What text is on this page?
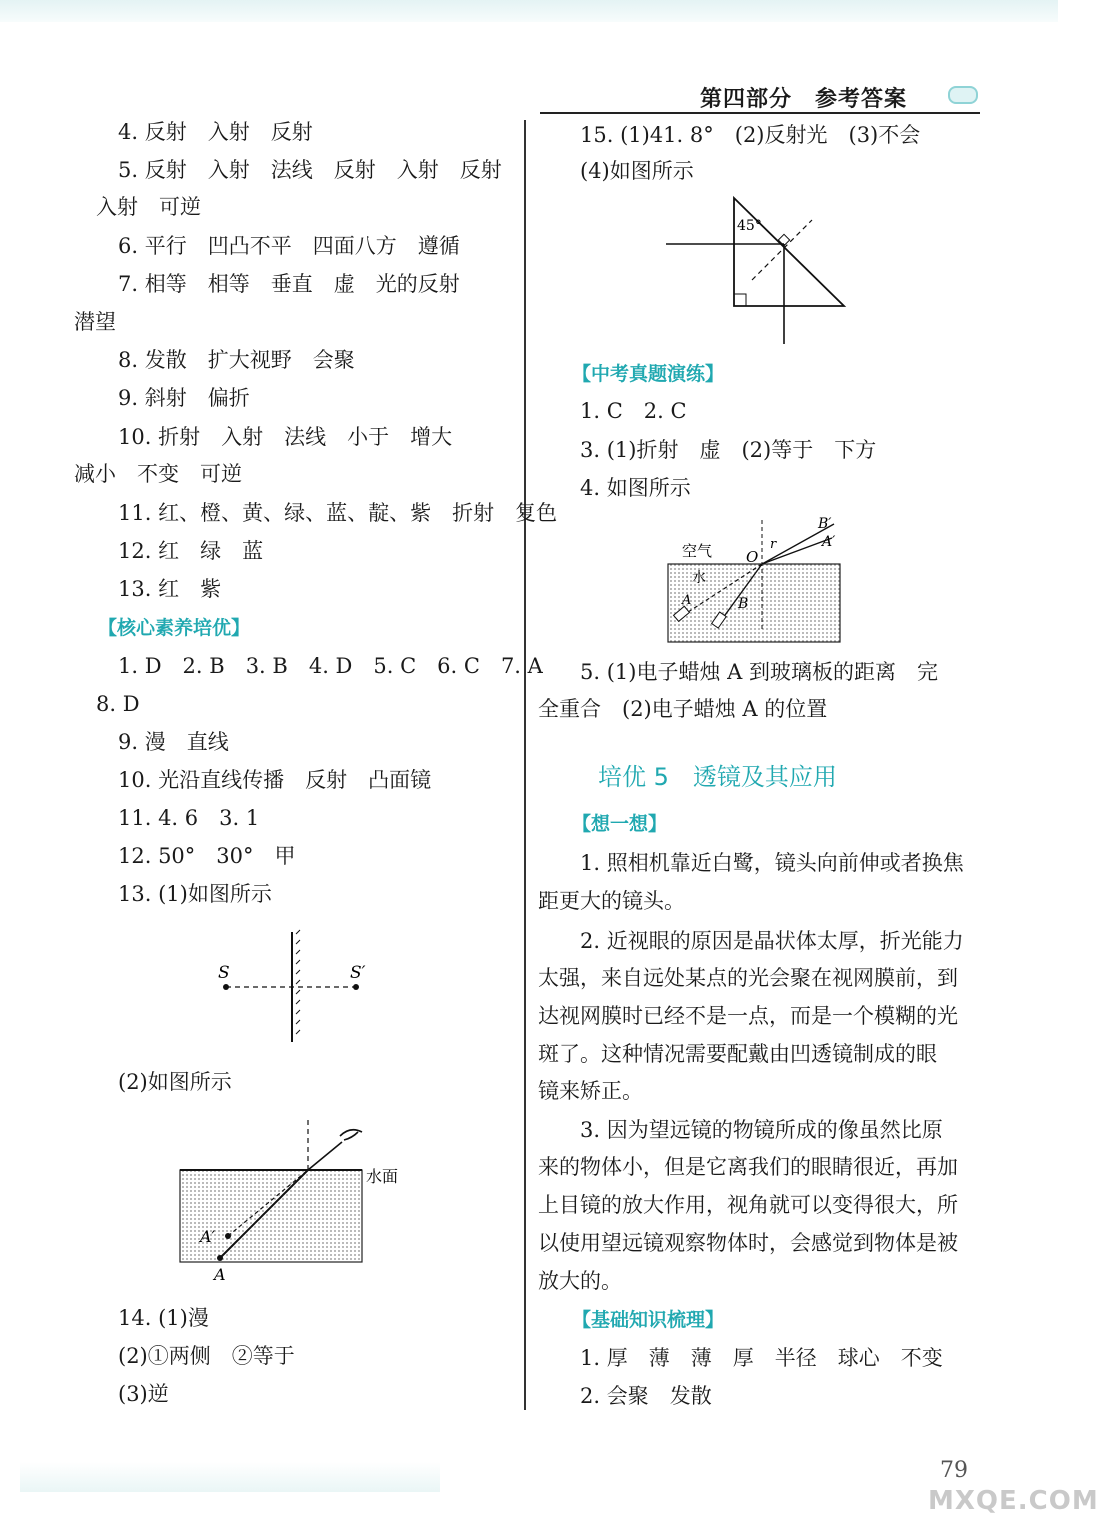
第四部分　参考答案
4. 反射　入射　反射
5. 反射　入射　法线　反射　入射　反射
入射　可逆
6. 平行　凹凸不平　四面八方　遵循
7. 相等　相等　垂直　虚　光的反射
潜望
8. 发散　扩大视野　会聚
9. 斜射　偏折
10. 折射　入射　法线　小于　增大
减小　不变　可逆
11. 红、橙、黄、绿、蓝、靛、紫　折射　复色
12. 红　绿　蓝
13. 红　紫
1. D　2. B　3. B　4. D　5. C　6. C　7. A
8. D
9. 漫　直线
10. 光沿直线传播　反射　凸面镜
11. 4. 6　3. 1
12. 50°　30°　甲
13. (1)如图所示
(2)如图所示
14. (1)漫
(2)①两侧　②等于
(3)逆
15. (1)41. 8°　(2)反射光　(3)不会
(4)如图所示
1. C　2. C
3. (1)折射　虚　(2)等于　下方
4. 如图所示
5. (1)电子蜡烛 A 到玻璃板的距离　完
全重合　(2)电子蜡烛 A 的位置
1. 照相机靠近白鹭，镜头向前伸或者换焦
距更大的镜头。
2. 近视眼的原因是晶状体太厚，折光能力
太强，来自远处某点的光会聚在视网膜前，到
达视网膜时已经不是一点，而是一个模糊的光
斑了。这种情况需要配戴由凹透镜制成的眼
镜来矫正。
3. 因为望远镜的物镜所成的像虽然比原
来的物体小，但是它离我们的眼睛很近，再加
上目镜的放大作用，视角就可以变得很大，所
以使用望远镜观察物体时，会感觉到物体是被
放大的。
1. 厚　薄　薄　厚　半径　球心　不变
2. 会聚　发散
【核心素养培优】
【中考真题演练】
【想一想】
【基础知识梳理】
培优 5　透镜及其应用
S	S′
水面
A
A′
45°
空气
水
O
r
A	B
A′
B′
79
MXQE.COM
